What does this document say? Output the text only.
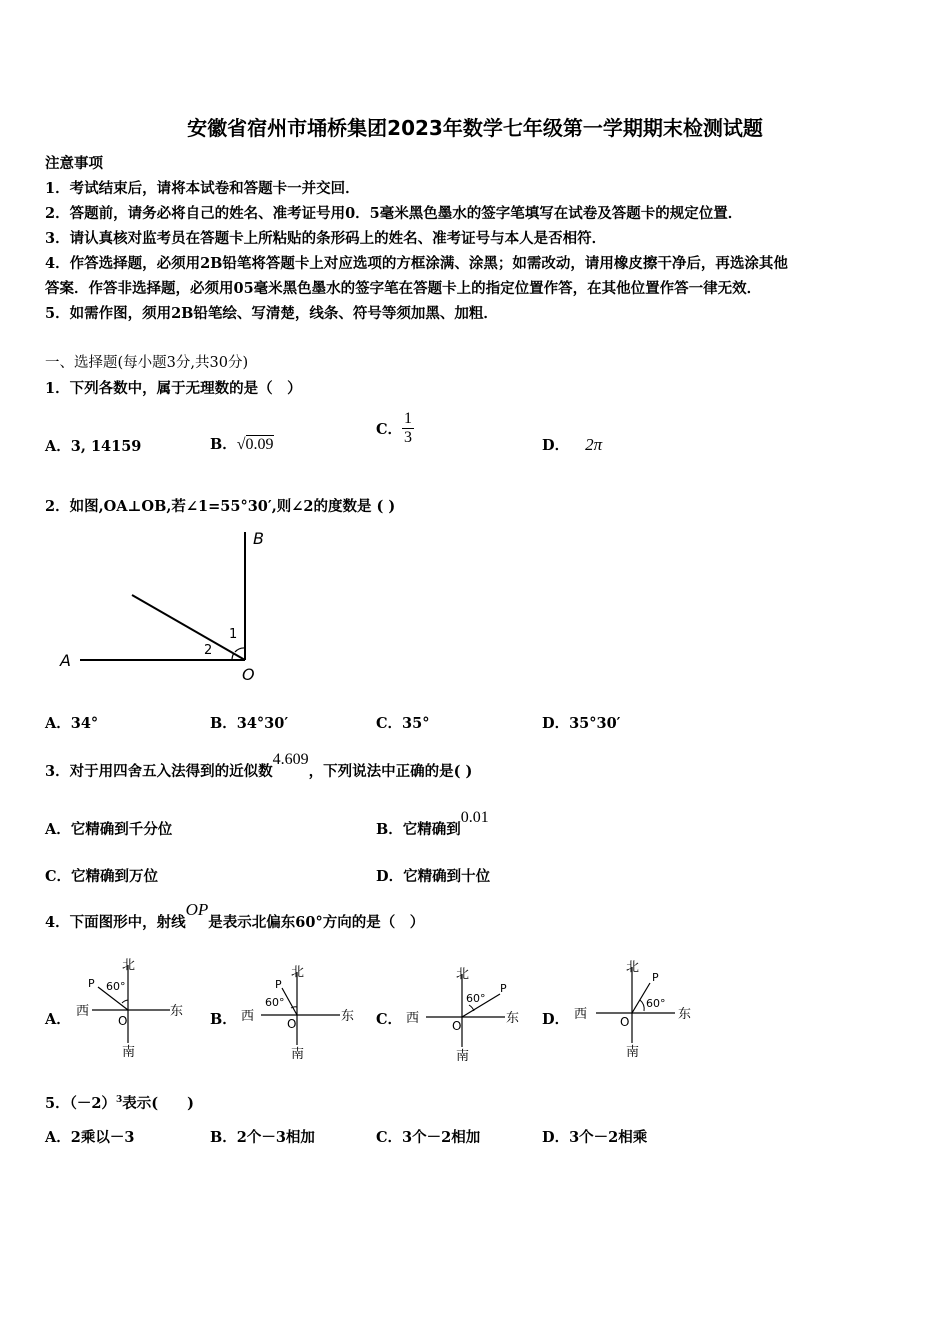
安徽省宿州市埇桥集团2023年数学七年级第一学期期末检测试题
注意事项
1．考试结束后，请将本试卷和答题卡一并交回．
2．答题前，请务必将自己的姓名、准考证号用0．5毫米黑色墨水的签字笔填写在试卷及答题卡的规定位置．
3．请认真核对监考员在答题卡上所粘贴的条形码上的姓名、准考证号与本人是否相符．
4．作答选择题，必须用2B铅笔将答题卡上对应选项的方框涂满、涂黑；如需改动，请用橡皮擦干净后，再选涂其他
答案．作答非选择题，必须用05毫米黑色墨水的签字笔在答题卡上的指定位置作答，在其他位置作答一律无效．
5．如需作图，须用2B铅笔绘、写清楚，线条、符号等须加黑、加粗．
一、选择题(每小题3分,共30分)
1．下列各数中，属于无理数的是（　）
A．3, 14159	B．√0.09
C． $\frac{1}{3}$	D． 2π
2．如图,OA⊥OB,若∠1=55°30′,则∠2的度数是 ( )
B
A
O
1
2
A．34°	B．34°30′	C．35°	D．35°30′
3．对于用四舍五入法得到的近似数4.609，下列说法中正确的是( )
A．它精确到千分位	B．它精确到0.01
C．它精确到万位	D．它精确到十位
4．下面图形中，射线OP是表示北偏东60°方向的是（　）
A．	B．	C．	D．
北
南
西	东
O
P 60°
北
南
西	东
O
P
60°
北
南
西	东
O
P
60°
北
南
西	东
O
P
60°
5．$(-2)^3$表示(　　)
A．2乘以－3	B．2个－3相加	C．3个－2相加	D．3个－2相乘
